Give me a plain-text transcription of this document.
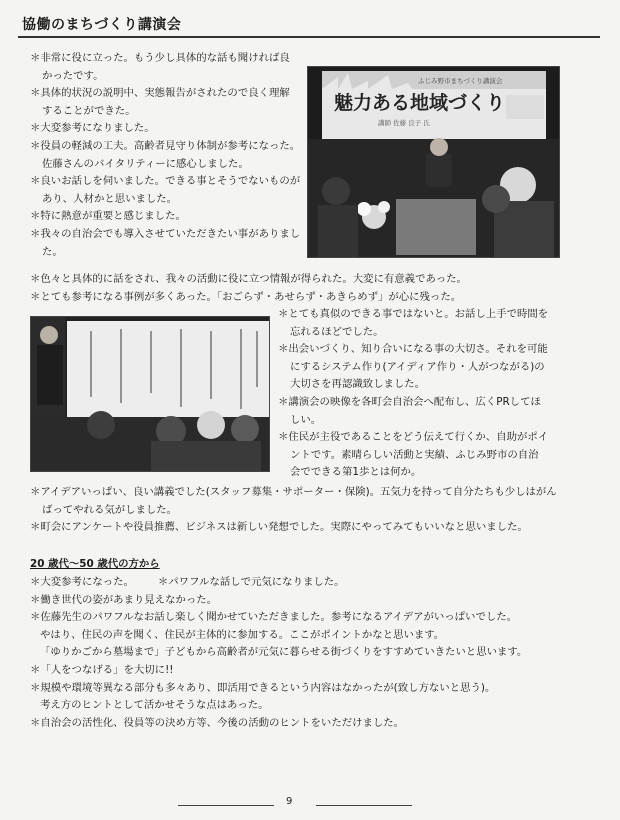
協働のまちづくり講演会

＊非常に役に立った。もう少し具体的な話も聞ければ良

かったです。

＊具体的状況の説明中、実態報告がされたので良く理解

することができた。

＊大変参考になりました。

＊役員の軽減の工夫。高齢者見守り体制が参考になった。

佐藤さんのバイタリティーに感心しました。

＊良いお話しを伺いました。できる事とそうでないものが

あり、人材かと思いました。

＊特に熱意が重要と感じました。

＊我々の自治会でも導入させていただきたい事がありまし

た。

ふじみ野市まちづくり講演会
魅力ある地域づくり
講師 佐藤 良子 氏

＊色々と具体的に話をされ、我々の活動に役に立つ情報が得られた。大変に有意義であった。

＊とても参考になる事例が多くあった。「おごらず・あせらず・あきらめず」が心に残った。

＊とても真似のできる事ではないと。お話し上手で時間を

忘れるほどでした。

＊出会いづくり、知り合いになる事の大切さ。それを可能

にするシステム作り(アイディア作り・人がつながる)の

大切さを再認識致しました。

＊講演会の映像を各町会自治会へ配布し、広くPRしてほ

しい。

＊住民が主役であることをどう伝えて行くか、自助がポイ

ントです。素晴らしい活動と実績、ふじみ野市の自治

会でできる第1歩とは何か。

＊アイデアいっぱい、良い講義でした(スタッフ募集・サポーター・保険)。五気力を持って自分たちも少しはがん

ばってやれる気がしました。

＊町会にアンケートや役員推薦、ビジネスは新しい発想でした。実際にやってみてもいいなと思いました。

20 歳代～50 歳代の方から

＊大変参考になった。 ＊パワフルな話しで元気になりました。

＊働き世代の姿があまり見えなかった。

＊佐藤先生のパワフルなお話し楽しく聞かせていただきました。参考になるアイデアがいっぱいでした。

やはり、住民の声を聞く、住民が主体的に参加する。ここがポイントかなと思います。

「ゆりかごから墓場まで」子どもから高齢者が元気に暮らせる街づくりをすすめていきたいと思います。

＊「人をつなげる」を大切に!!

＊規模や環境等異なる部分も多々あり、即活用できるという内容はなかったが(致し方ないと思う)。

考え方のヒントとして活かせそうな点はあった。

＊自治会の活性化、役員等の決め方等、今後の活動のヒントをいただけました。

9
